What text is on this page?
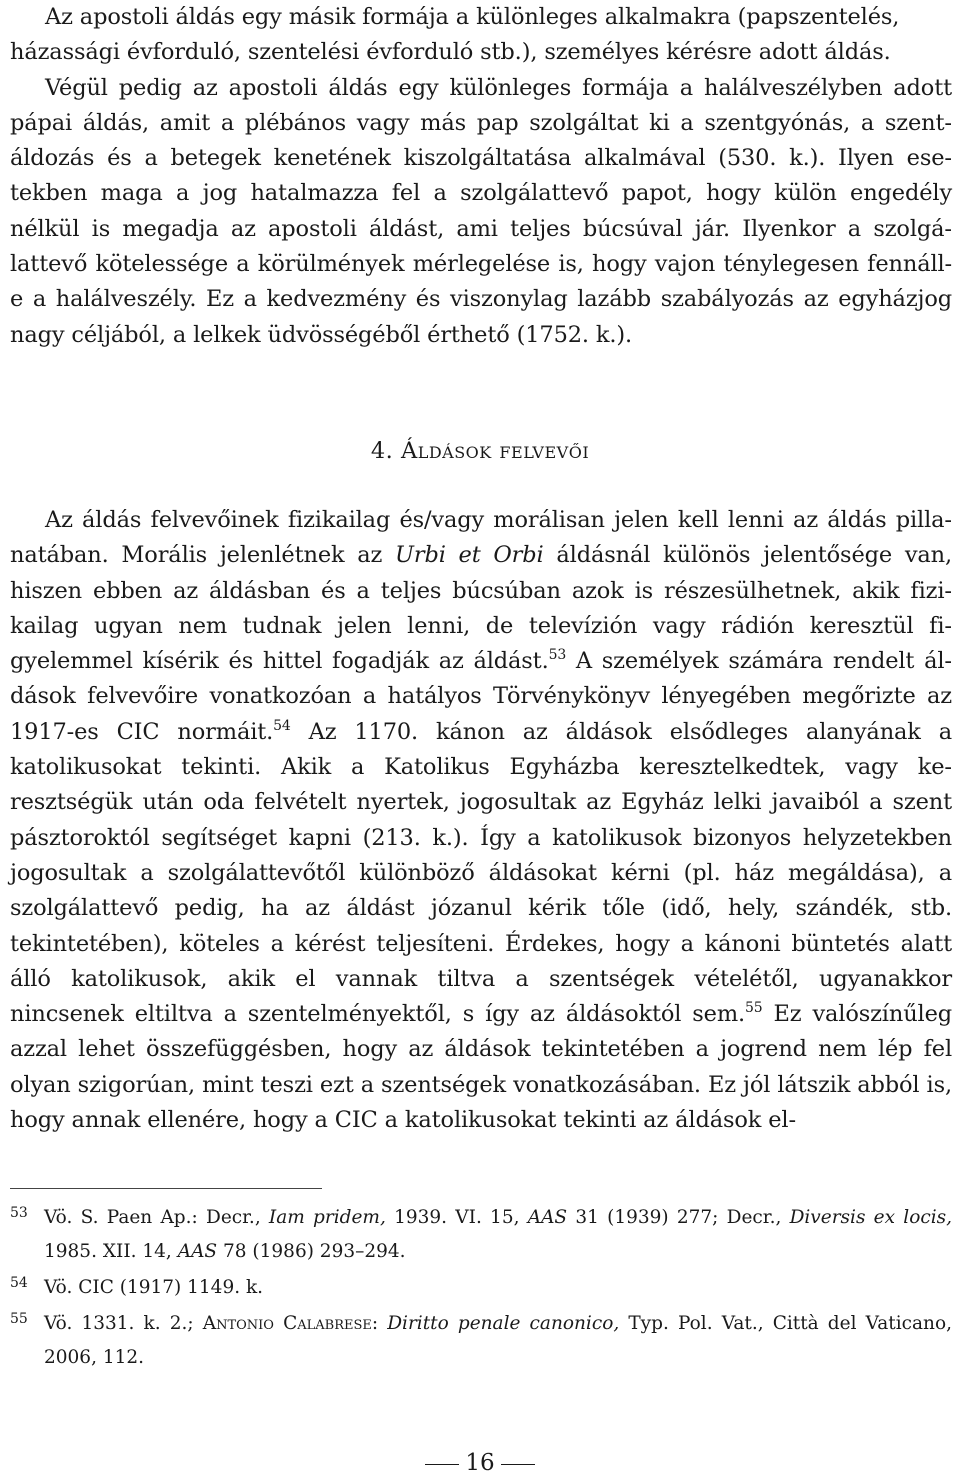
Az apostoli áldás egy másik formája a különleges alkalmakra (papszentelés,
házassági évforduló, szentelési évforduló stb.), személyes kérésre adott áldás.

Végül pedig az apostoli áldás egy különleges formája a halálveszélyben adott pápai áldás, amit a plébános vagy más pap szolgáltat ki a szentgyónás, a szentáldozás és a betegek kenetének kiszolgáltatása alkalmával (530. k.). Ilyen esetekben maga a jog hatalmazza fel a szolgálattevő papot, hogy külön engedély nélkül is megadja az apostoli áldást, ami teljes búcsúval jár. Ilyenkor a szolgálattevő kötelessége a körülmények mérlegelése is, hogy vajon ténylegesen fennáll-e a halálveszély. Ez a kedvezmény és viszonylag lazább szabályozás az egyházjog nagy céljából, a lelkek üdvösségéből érthető (1752. k.).

4. Áldások felvevői

Az áldás felvevőinek fizikailag és/vagy morálisan jelen kell lenni az áldás pillanatában. Morális jelenlétnek az Urbi et Orbi áldásnál különös jelentősége van, hiszen ebben az áldásban és a teljes búcsúban azok is részesülhetnek, akik fizikailag ugyan nem tudnak jelen lenni, de televízión vagy rádión keresztül figyelemmel kísérik és hittel fogadják az áldást.$^{53}$ A személyek számára rendelt áldások felvevőire vonatkozóan a hatályos Törvénykönyv lényegében megőrizte az 1917-es CIC normáit.$^{54}$ Az 1170. kánon az áldások elsődleges alanyának a katolikusokat tekinti. Akik a Katolikus Egyházba keresztelkedtek, vagy keresztségük után oda felvételt nyertek, jogosultak az Egyház lelki javaiból a szent pásztoroktól segítséget kapni (213. k.). Így a katolikusok bizonyos helyzetekben jogosultak a szolgálattevőtől különböző áldásokat kérni (pl. ház megáldása), a szolgálattevő pedig, ha az áldást józanul kérik tőle (idő, hely, szándék, stb. tekintetében), köteles a kérést teljesíteni. Érdekes, hogy a kánoni büntetés alatt álló katolikusok, akik el vannak tiltva a szentségek vételétől, ugyanakkor nincsenek eltiltva a szentelményektől, s így az áldásoktól sem.$^{55}$ Ez valószínűleg azzal lehet összefüggésben, hogy az áldások tekintetében a jogrend nem lép fel olyan szigorúan, mint teszi ezt a szentségek vonatkozásában. Ez jól látszik abból is, hogy annak ellenére, hogy a CIC a katolikusokat tekinti az áldások el-

53 Vö. S. Paen Ap.: Decr., Iam pridem, 1939. VI. 15, AAS 31 (1939) 277; Decr., Diversis ex locis, 1985. XII. 14, AAS 78 (1986) 293–294.
54 Vö. CIC (1917) 1149. k.
55 Vö. 1331. k. 2.; Antonio Calabrese: Diritto penale canonico, Typ. Pol. Vat., Città del Vaticano, 2006, 112.
16
